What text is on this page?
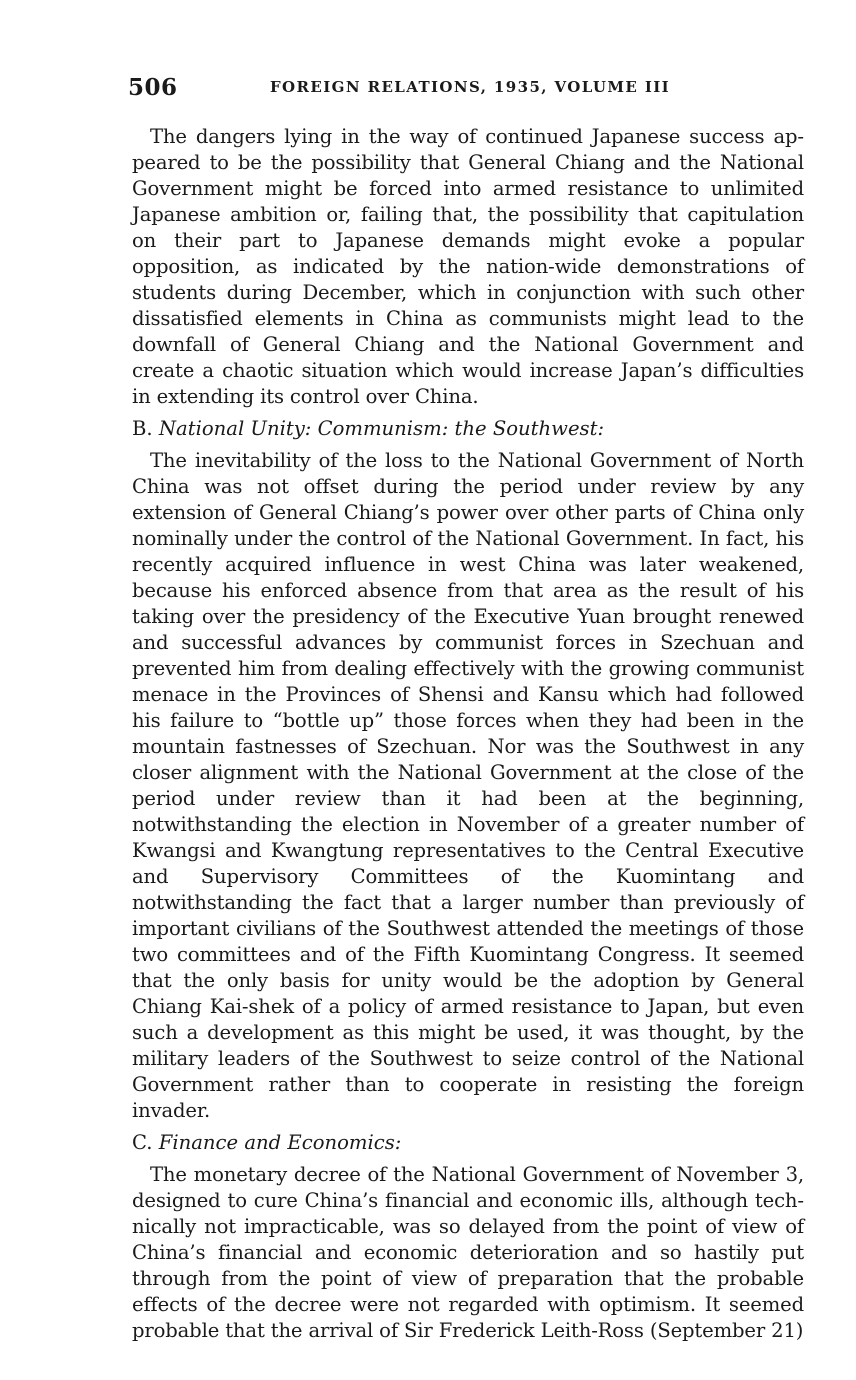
506	FOREIGN RELATIONS, 1935, VOLUME III

The dangers lying in the way of continued Japanese success appeared to be the possibility that General Chiang and the National Government might be forced into armed resistance to unlimited Japanese ambition or, failing that, the possibility that capitulation on their part to Japanese demands might evoke a popular opposition, as indicated by the nation-wide demonstrations of students during December, which in conjunction with such other dissatisfied elements in China as communists might lead to the downfall of General Chiang and the National Government and create a chaotic situation which would increase Japan’s difficulties in extending its control over China.

B. National Unity: Communism: the Southwest:

The inevitability of the loss to the National Government of North China was not offset during the period under review by any extension of General Chiang’s power over other parts of China only nominally under the control of the National Government. In fact, his recently acquired influence in west China was later weakened, because his enforced absence from that area as the result of his taking over the presidency of the Executive Yuan brought renewed and successful advances by communist forces in Szechuan and prevented him from dealing effectively with the growing communist menace in the Provinces of Shensi and Kansu which had followed his failure to “bottle up” those forces when they had been in the mountain fastnesses of Szechuan. Nor was the Southwest in any closer alignment with the National Government at the close of the period under review than it had been at the beginning, notwithstanding the election in November of a greater number of Kwangsi and Kwangtung representatives to the Central Executive and Supervisory Committees of the Kuomintang and notwithstanding the fact that a larger number than previously of important civilians of the Southwest attended the meetings of those two committees and of the Fifth Kuomintang Congress. It seemed that the only basis for unity would be the adoption by General Chiang Kai-shek of a policy of armed resistance to Japan, but even such a development as this might be used, it was thought, by the military leaders of the Southwest to seize control of the National Government rather than to cooperate in resisting the foreign invader.

C. Finance and Economics:

The monetary decree of the National Government of November 3, designed to cure China’s financial and economic ills, although technically not impracticable, was so delayed from the point of view of China’s financial and economic deterioration and so hastily put through from the point of view of preparation that the probable effects of the decree were not regarded with optimism. It seemed probable that the arrival of Sir Frederick Leith-Ross (September 21)
